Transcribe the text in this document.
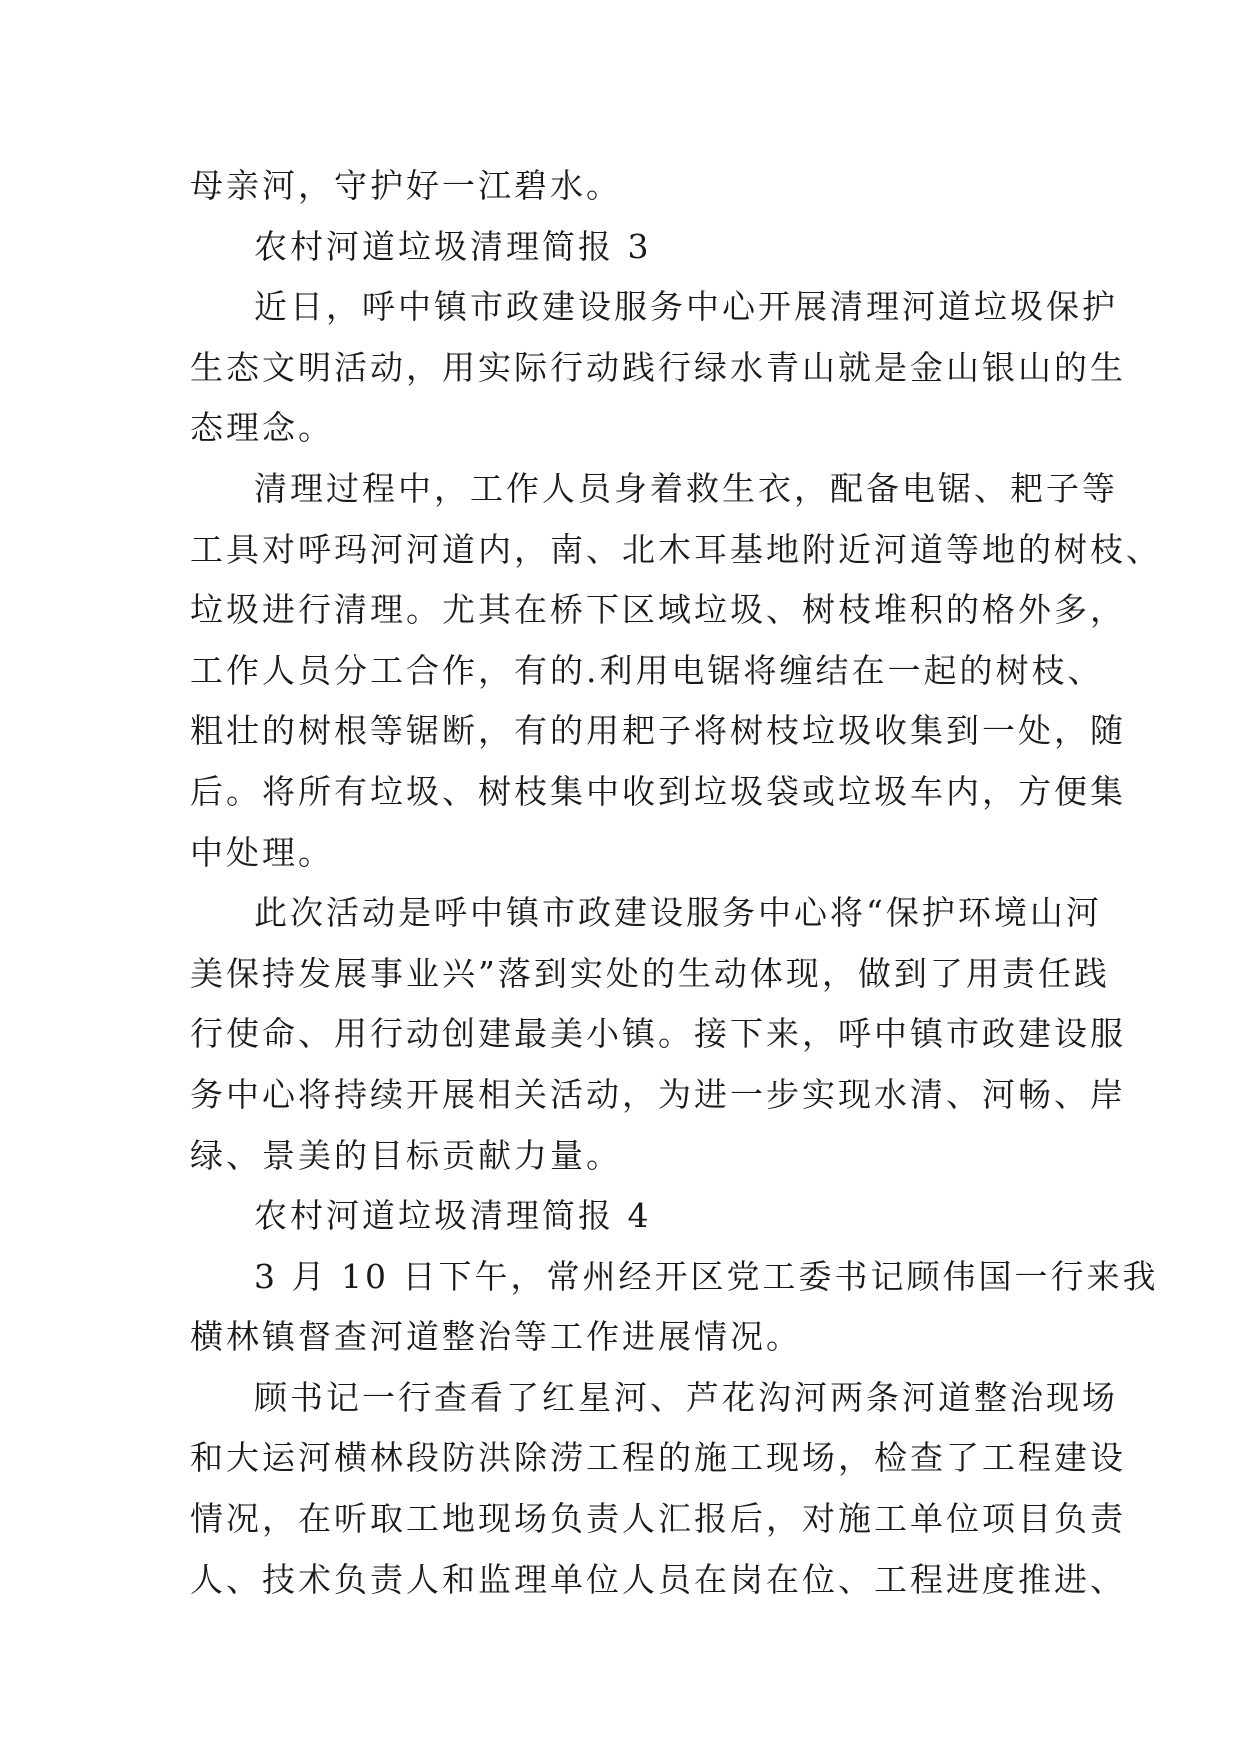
母亲河，守护好一江碧水。
农村河道垃圾清理简报 3
近日，呼中镇市政建设服务中心开展清理河道垃圾保护
生态文明活动，用实际行动践行绿水青山就是金山银山的生
态理念。
清理过程中，工作人员身着救生衣，配备电锯、耙子等
工具对呼玛河河道内，南、北木耳基地附近河道等地的树枝、
垃圾进行清理。尤其在桥下区域垃圾、树枝堆积的格外多，
工作人员分工合作，有的.利用电锯将缠结在一起的树枝、
粗壮的树根等锯断，有的用耙子将树枝垃圾收集到一处，随
后。将所有垃圾、树枝集中收到垃圾袋或垃圾车内，方便集
中处理。
此次活动是呼中镇市政建设服务中心将“保护环境山河
美保持发展事业兴”落到实处的生动体现，做到了用责任践
行使命、用行动创建最美小镇。接下来，呼中镇市政建设服
务中心将持续开展相关活动，为进一步实现水清、河畅、岸
绿、景美的目标贡献力量。
农村河道垃圾清理简报 4
3 月 10 日下午，常州经开区党工委书记顾伟国一行来我
横林镇督查河道整治等工作进展情况。
顾书记一行查看了红星河、芦花沟河两条河道整治现场
和大运河横林段防洪除涝工程的施工现场，检查了工程建设
情况，在听取工地现场负责人汇报后，对施工单位项目负责
人、技术负责人和监理单位人员在岗在位、工程进度推进、
